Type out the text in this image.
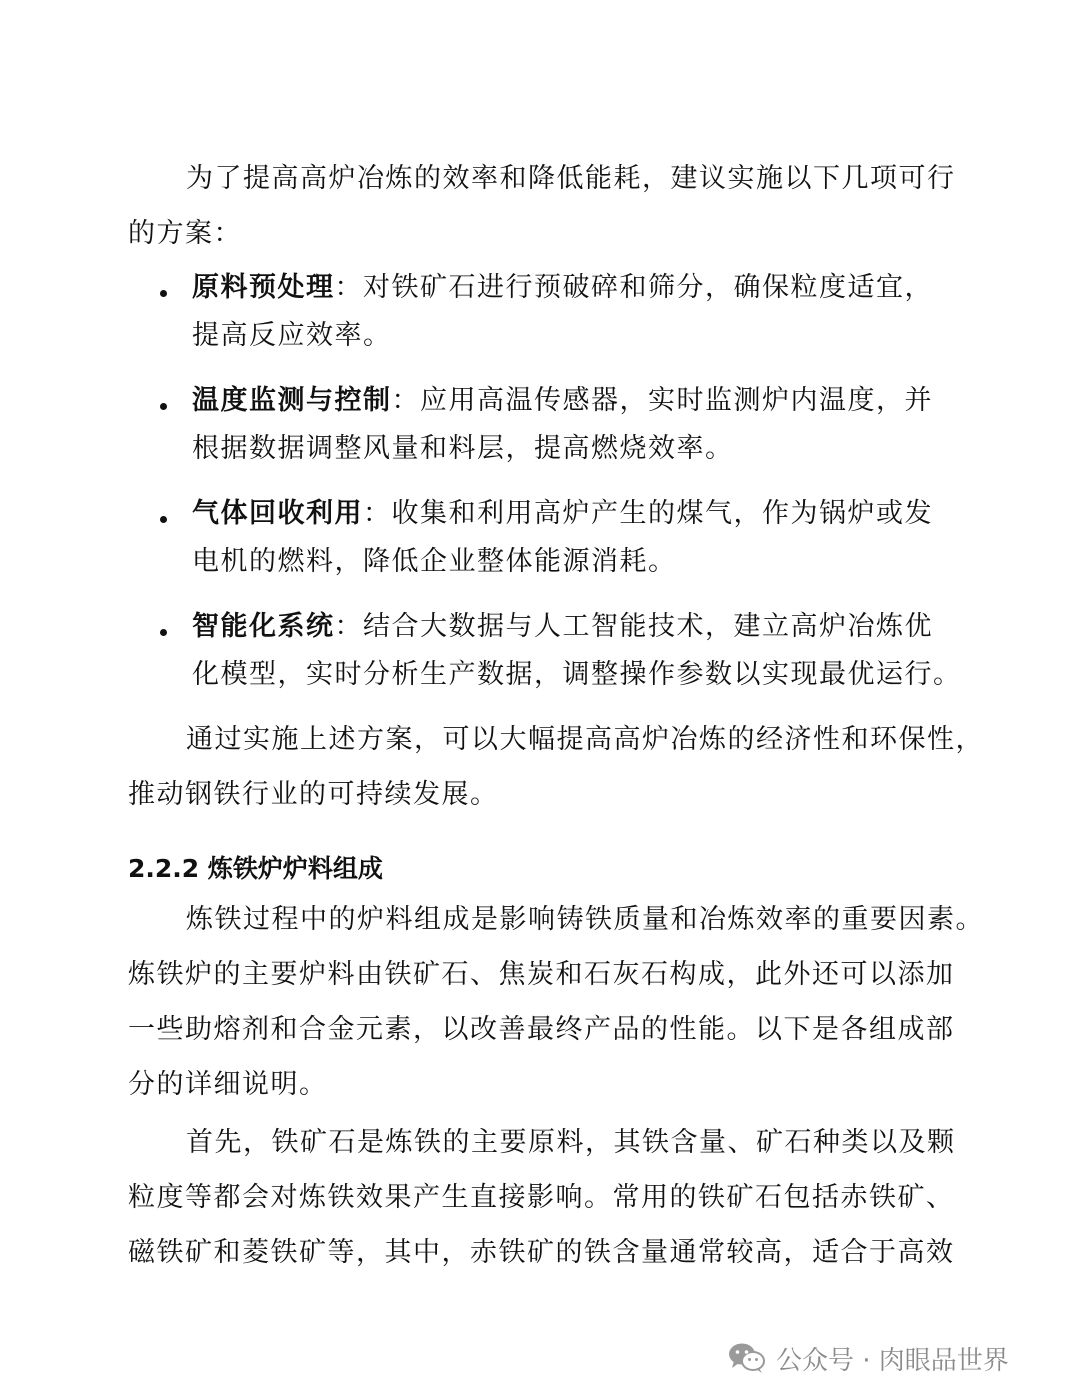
为了提高高炉冶炼的效率和降低能耗，建议实施以下几项可行
的方案：
原料预处理：对铁矿石进行预破碎和筛分，确保粒度适宜，
提高反应效率。
温度监测与控制：应用高温传感器，实时监测炉内温度，并
根据数据调整风量和料层，提高燃烧效率。
气体回收利用：收集和利用高炉产生的煤气，作为锅炉或发
电机的燃料，降低企业整体能源消耗。
智能化系统：结合大数据与人工智能技术，建立高炉冶炼优
化模型，实时分析生产数据，调整操作参数以实现最优运行。
通过实施上述方案，可以大幅提高高炉冶炼的经济性和环保性，
推动钢铁行业的可持续发展。
2.2.2 炼铁炉炉料组成
炼铁过程中的炉料组成是影响铸铁质量和冶炼效率的重要因素。
炼铁炉的主要炉料由铁矿石、焦炭和石灰石构成，此外还可以添加
一些助熔剂和合金元素，以改善最终产品的性能。以下是各组成部
分的详细说明。
首先，铁矿石是炼铁的主要原料，其铁含量、矿石种类以及颗
粒度等都会对炼铁效果产生直接影响。常用的铁矿石包括赤铁矿、
磁铁矿和菱铁矿等，其中，赤铁矿的铁含量通常较高，适合于高效
公众号 · 肉眼品世界
